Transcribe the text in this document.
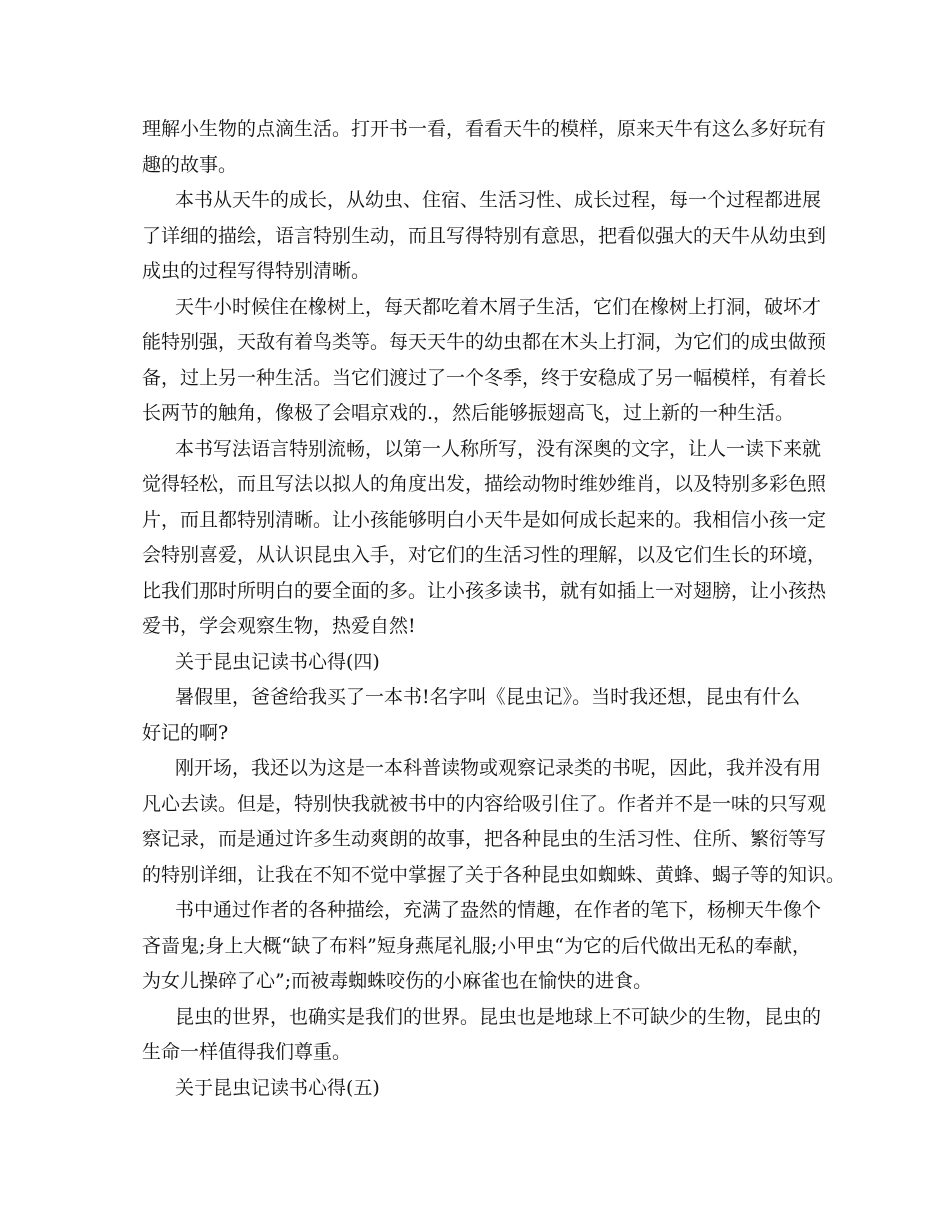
理解小生物的点滴生活。打开书一看，看看天牛的模样，原来天牛有这么多好玩有
趣的故事。
本书从天牛的成长，从幼虫、住宿、生活习性、成长过程，每一个过程都进展
了详细的描绘，语言特别生动，而且写得特别有意思，把看似强大的天牛从幼虫到
成虫的过程写得特别清晰。
天牛小时候住在橡树上，每天都吃着木屑子生活，它们在橡树上打洞，破坏才
能特别强，天敌有着鸟类等。每天天牛的幼虫都在木头上打洞，为它们的成虫做预
备，过上另一种生活。当它们渡过了一个冬季，终于安稳成了另一幅模样，有着长
长两节的触角，像极了会唱京戏的.，然后能够振翅高飞，过上新的一种生活。
本书写法语言特别流畅，以第一人称所写，没有深奥的文字，让人一读下来就
觉得轻松，而且写法以拟人的角度出发，描绘动物时维妙维肖，以及特别多彩色照
片，而且都特别清晰。让小孩能够明白小天牛是如何成长起来的。我相信小孩一定
会特别喜爱，从认识昆虫入手，对它们的生活习性的理解，以及它们生长的环境，
比我们那时所明白的要全面的多。让小孩多读书，就有如插上一对翅膀，让小孩热
爱书，学会观察生物，热爱自然!
关于昆虫记读书心得(四)
暑假里，爸爸给我买了一本书!名字叫《昆虫记》。当时我还想，昆虫有什么
好记的啊?
刚开场，我还以为这是一本科普读物或观察记录类的书呢，因此，我并没有用
凡心去读。但是，特别快我就被书中的内容给吸引住了。作者并不是一味的只写观
察记录，而是通过许多生动爽朗的故事，把各种昆虫的生活习性、住所、繁衍等写
的特别详细，让我在不知不觉中掌握了关于各种昆虫如蜘蛛、黄蜂、蝎子等的知识。
书中通过作者的各种描绘，充满了盎然的情趣，在作者的笔下，杨柳天牛像个
吝啬鬼;身上大概“缺了布料”短身燕尾礼服;小甲虫“为它的后代做出无私的奉献，
为女儿操碎了心”;而被毒蜘蛛咬伤的小麻雀也在愉快的进食。
昆虫的世界，也确实是我们的世界。昆虫也是地球上不可缺少的生物，昆虫的
生命一样值得我们尊重。
关于昆虫记读书心得(五)
